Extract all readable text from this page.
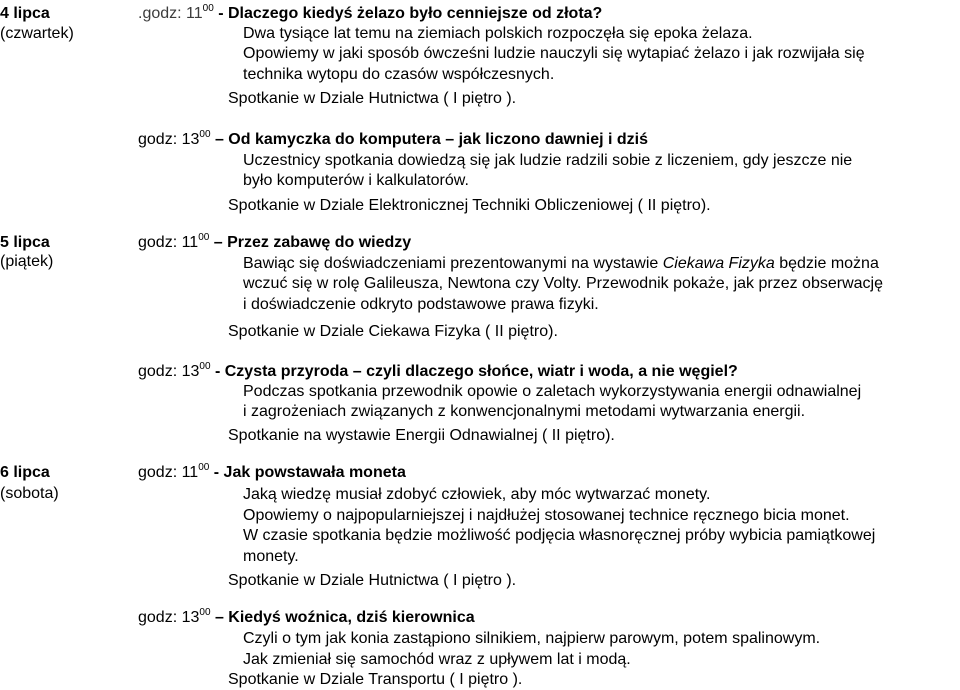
4 lipca
(czwartek)
5 lipca
(piątek)
6 lipca
(sobota)
.godz: $11^{00}$ - Dlaczego kiedyś żelazo było cenniejsze od złota?
Dwa tysiące lat temu na ziemiach polskich rozpoczęła się epoka żelaza.
Opowiemy w jaki sposób ówcześni ludzie nauczyli się wytapiać żelazo i jak rozwijała się
technika wytopu do czasów współczesnych.
Spotkanie w Dziale Hutnictwa ( I piętro ).
godz: $13^{00}$ – Od kamyczka do komputera – jak liczono dawniej i dziś
Uczestnicy spotkania dowiedzą się jak ludzie radzili sobie z liczeniem, gdy jeszcze nie
było komputerów i kalkulatorów.
Spotkanie w Dziale Elektronicznej Techniki Obliczeniowej ( II piętro).
godz: $11^{00}$ – Przez zabawę do wiedzy
Bawiąc się doświadczeniami prezentowanymi na wystawie Ciekawa Fizyka będzie można
wczuć się w rolę Galileusza, Newtona czy Volty. Przewodnik pokaże, jak przez obserwację
i doświadczenie odkryto podstawowe prawa fizyki.
Spotkanie w Dziale Ciekawa Fizyka ( II piętro).
godz: $13^{00}$ - Czysta przyroda – czyli dlaczego słońce, wiatr i woda, a nie węgiel?
Podczas spotkania przewodnik opowie o zaletach wykorzystywania energii odnawialnej
i zagrożeniach związanych z konwencjonalnymi metodami wytwarzania energii.
Spotkanie na wystawie Energii Odnawialnej ( II piętro).
godz: $11^{00}$ - Jak powstawała moneta
Jaką wiedzę musiał zdobyć człowiek, aby móc wytwarzać monety.
Opowiemy o najpopularniejszej i najdłużej stosowanej technice ręcznego bicia monet.
W czasie spotkania będzie możliwość podjęcia własnoręcznej próby wybicia pamiątkowej
monety.
Spotkanie w Dziale Hutnictwa ( I piętro ).
godz: $13^{00}$ – Kiedyś woźnica, dziś kierownica
Czyli o tym jak konia zastąpiono silnikiem, najpierw parowym, potem spalinowym.
Jak zmieniał się samochód wraz z upływem lat i modą.
Spotkanie w Dziale Transportu ( I piętro ).
